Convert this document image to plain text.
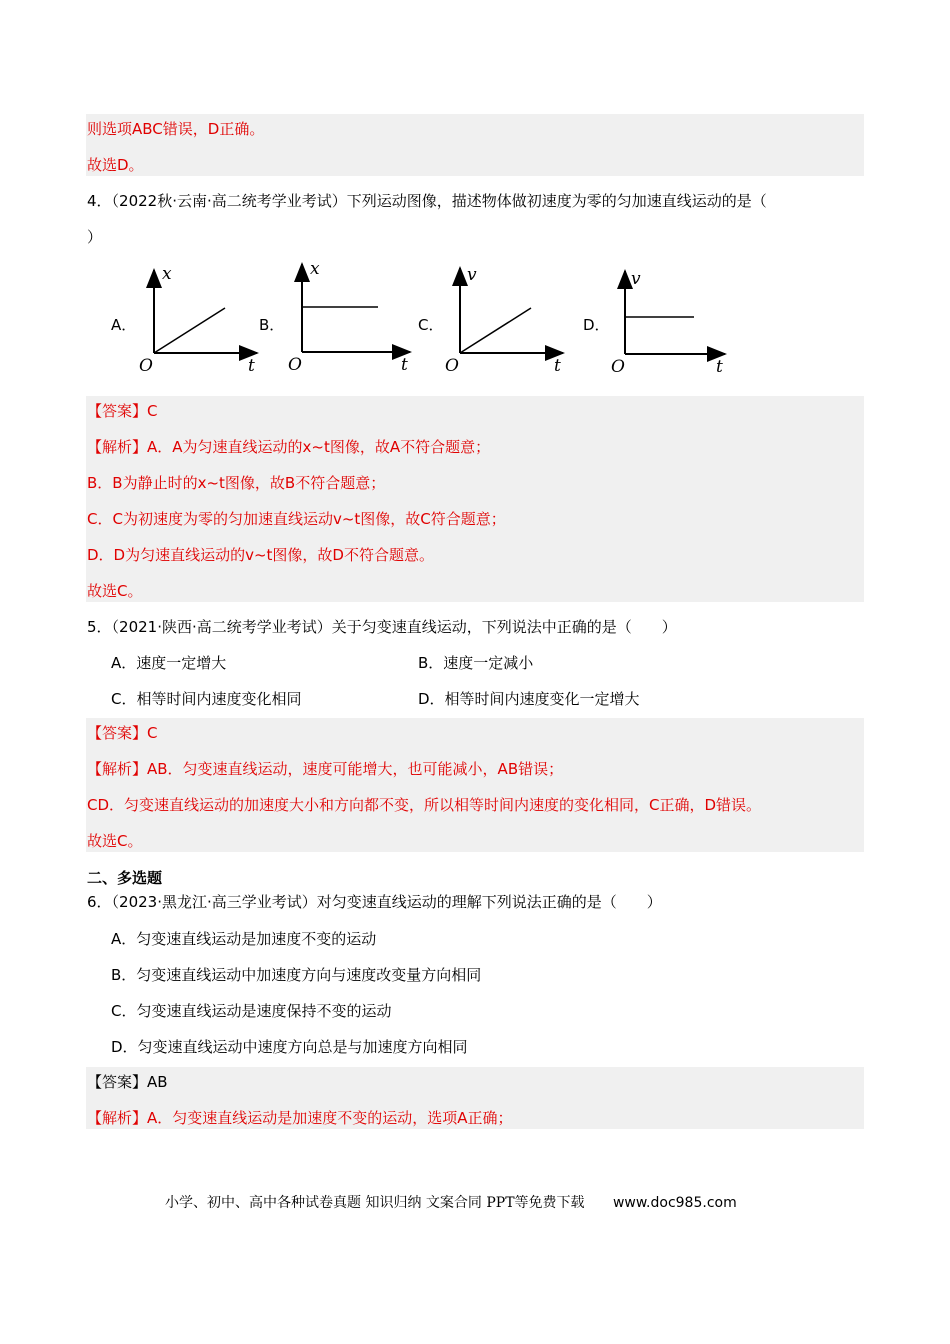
则选项ABC错误，D正确。
故选D。
4．（2022秋·云南·高二统考学业考试）下列运动图像，描述物体做初速度为零的匀加速直线运动的是（
）
A．	B．	C．	D．
x
t
O
x
t
O
v
t
O
v
t
O
【答案】C
【解析】A．A为匀速直线运动的x~t图像，故A不符合题意；
B．B为静止时的x~t图像，故B不符合题意；
C．C为初速度为零的匀加速直线运动v~t图像，故C符合题意；
D．D为匀速直线运动的v~t图像，故D不符合题意。
故选C。
5．（2021·陕西·高二统考学业考试）关于匀变速直线运动，下列说法中正确的是（　　）
A．速度一定增大	B．速度一定减小
C．相等时间内速度变化相同	D．相等时间内速度变化一定增大
【答案】C
【解析】AB．匀变速直线运动，速度可能增大，也可能减小，AB错误；
CD．匀变速直线运动的加速度大小和方向都不变，所以相等时间内速度的变化相同，C正确，D错误。
故选C。
二、多选题
6．（2023·黑龙江·高三学业考试）对匀变速直线运动的理解下列说法正确的是（　　）
A．匀变速直线运动是加速度不变的运动
B．匀变速直线运动中加速度方向与速度改变量方向相同
C．匀变速直线运动是速度保持不变的运动
D．匀变速直线运动中速度方向总是与加速度方向相同
【答案】AB
【解析】A．匀变速直线运动是加速度不变的运动，选项A正确；
小学、初中、高中各种试卷真题 知识归纳 文案合同 PPT等免费下载 www.doc985.com
